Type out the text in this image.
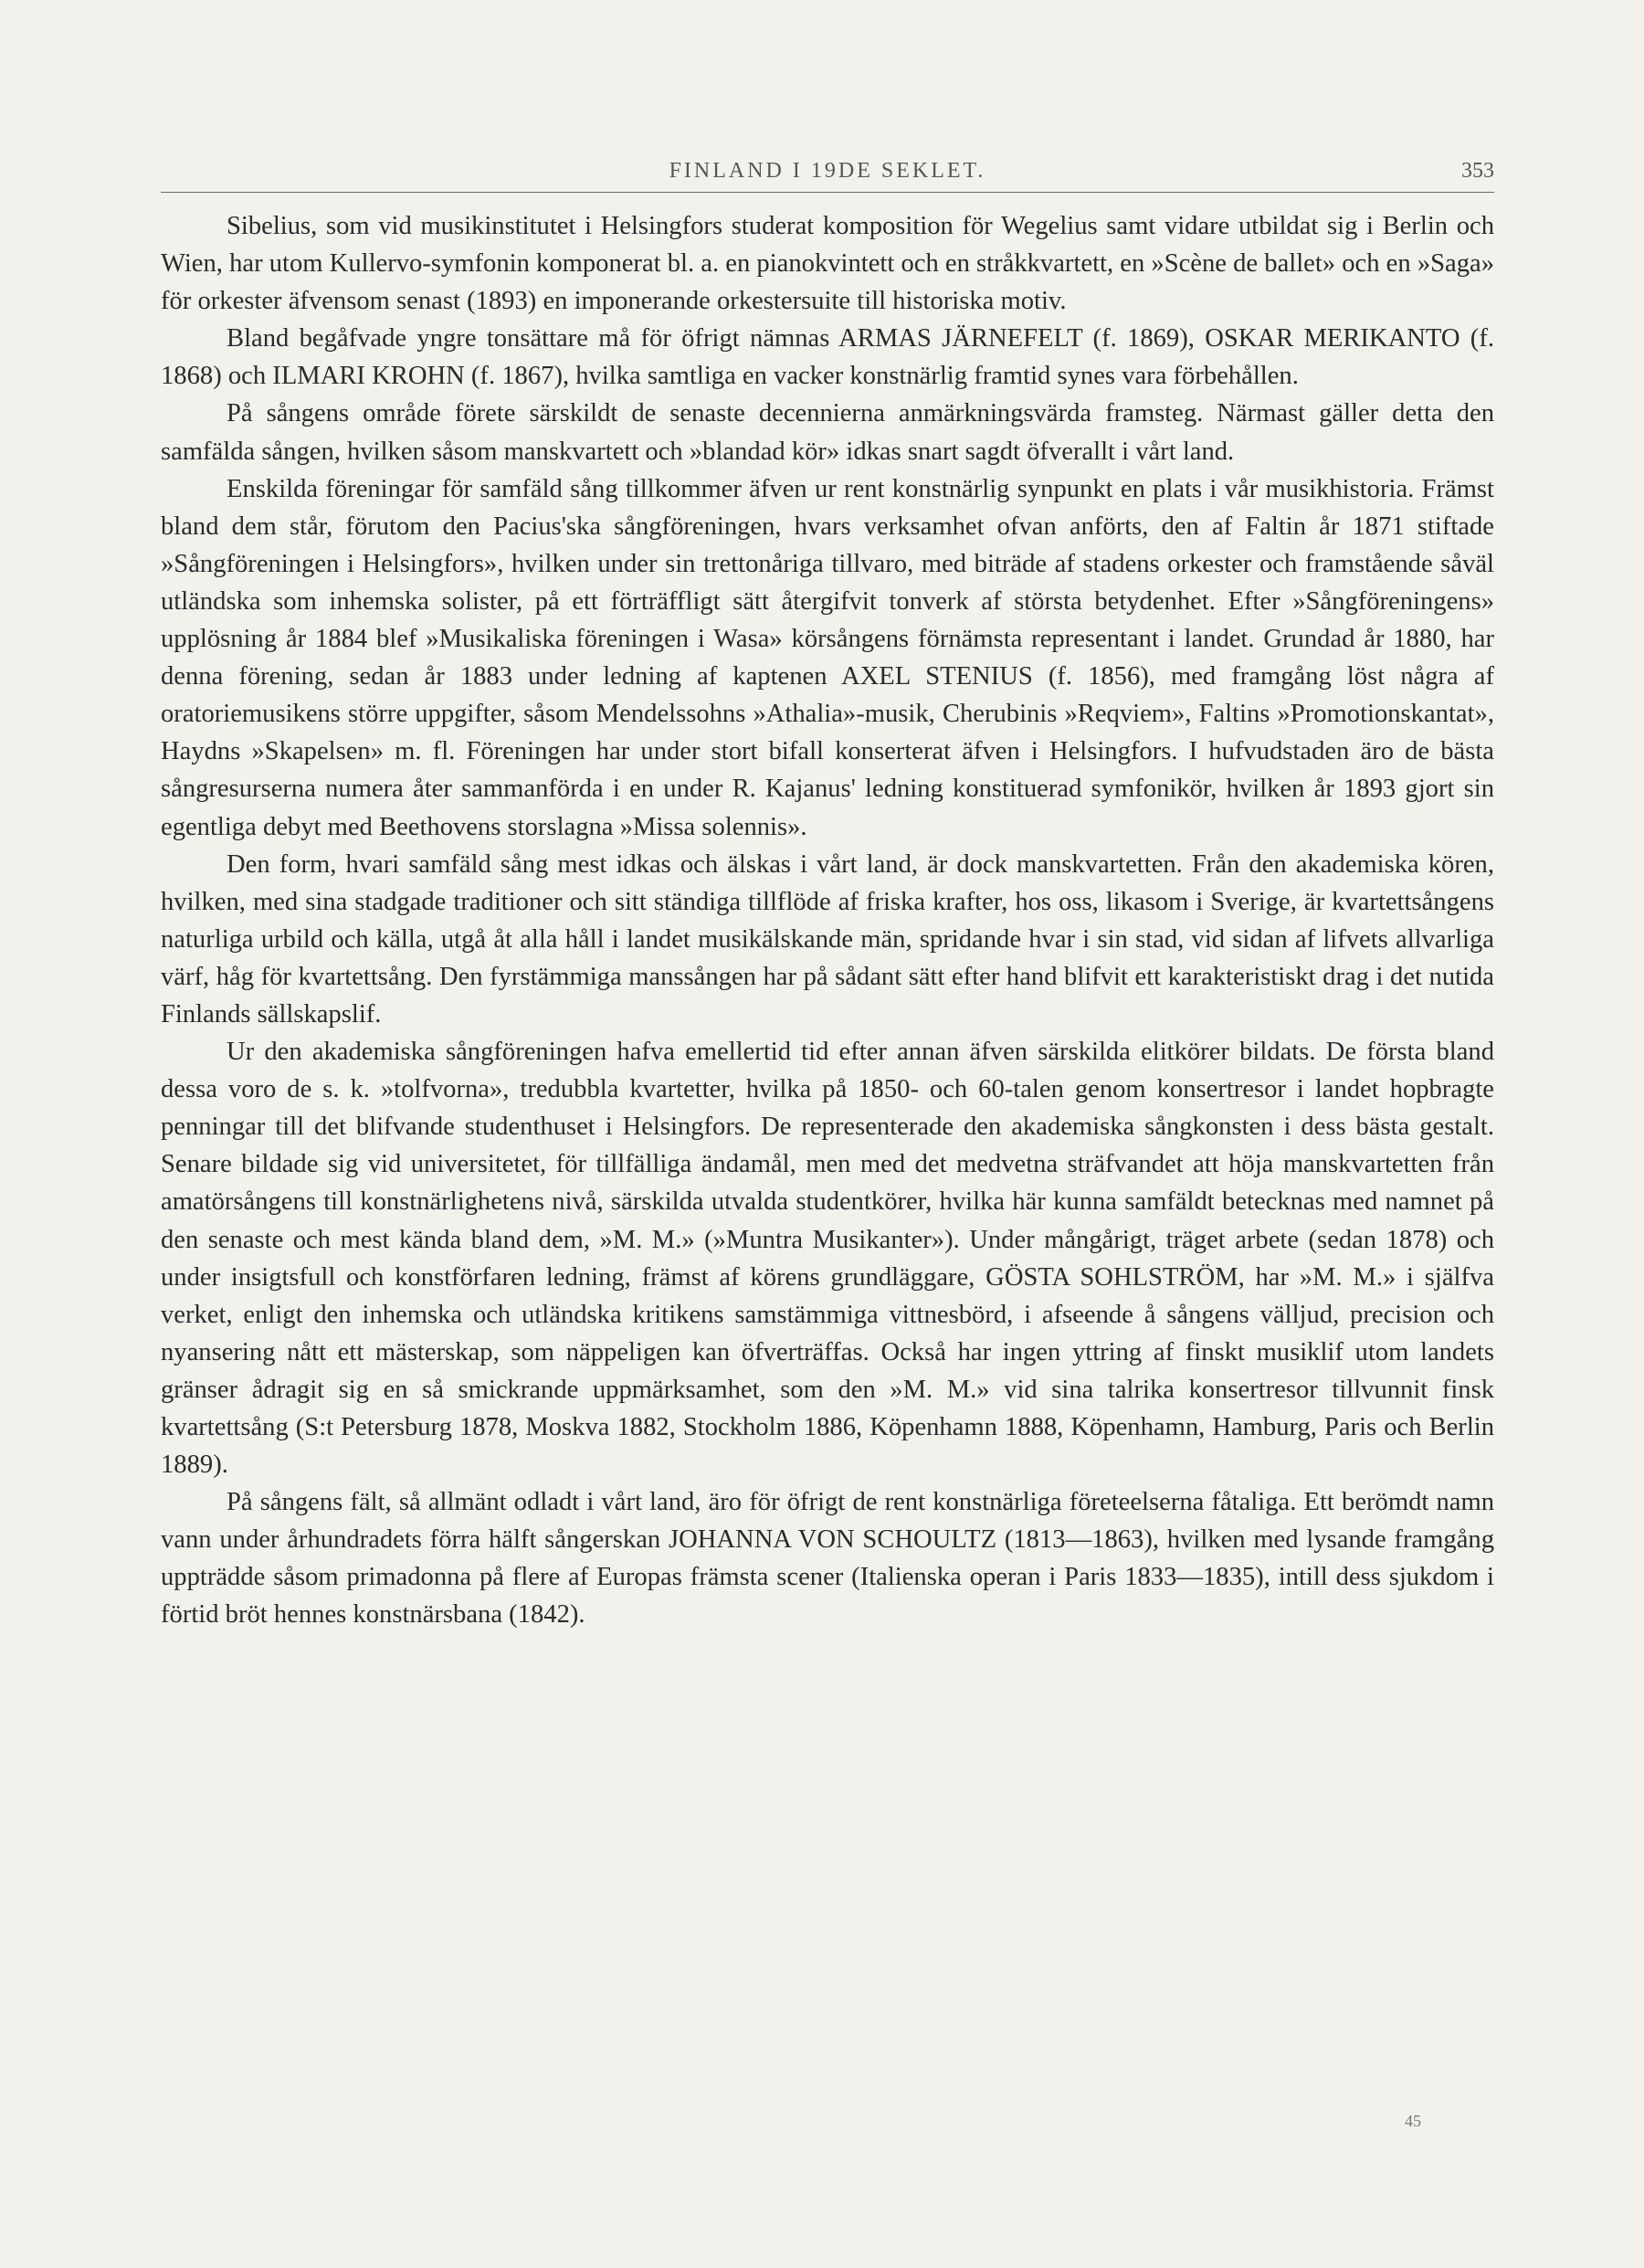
FINLAND I 19DE SEKLET.	353

Sibelius, som vid musikinstitutet i Helsingfors studerat komposition för Wegelius samt vidare utbildat sig i Berlin och Wien, har utom Kullervo-symfonin komponerat bl. a. en pianokvintett och en stråkkvartett, en »Scène de ballet» och en »Saga» för orkester äfvensom senast (1893) en imponerande orkestersuite till historiska motiv.

Bland begåfvade yngre tonsättare må för öfrigt nämnas ARMAS JÄRNEFELT (f. 1869), OSKAR MERIKANTO (f. 1868) och ILMARI KROHN (f. 1867), hvilka samtliga en vacker konstnärlig framtid synes vara förbehållen.

På sångens område förete särskildt de senaste decennierna anmärkningsvärda framsteg. Närmast gäller detta den samfälda sången, hvilken såsom manskvartett och »blandad kör» idkas snart sagdt öfverallt i vårt land.

Enskilda föreningar för samfäld sång tillkommer äfven ur rent konstnärlig synpunkt en plats i vår musikhistoria. Främst bland dem står, förutom den Pacius'ska sångföreningen, hvars verksamhet ofvan anförts, den af Faltin år 1871 stiftade »Sångföreningen i Helsingfors», hvilken under sin trettonåriga tillvaro, med biträde af stadens orkester och framstående såväl utländska som inhemska solister, på ett förträffligt sätt återgifvit tonverk af största betydenhet. Efter »Sångföreningens» upplösning år 1884 blef »Musikaliska föreningen i Wasa» körsångens förnämsta representant i landet. Grundad år 1880, har denna förening, sedan år 1883 under ledning af kaptenen AXEL STENIUS (f. 1856), med framgång löst några af oratoriemusikens större uppgifter, såsom Mendelssohns »Athalia»-musik, Cherubinis »Reqviem», Faltins »Promotionskantat», Haydns »Skapelsen» m. fl. Föreningen har under stort bifall konserterat äfven i Helsingfors. I hufvudstaden äro de bästa sångresurserna numera åter sammanförda i en under R. Kajanus' ledning konstituerad symfonikör, hvilken år 1893 gjort sin egentliga debyt med Beethovens storslagna »Missa solennis».

Den form, hvari samfäld sång mest idkas och älskas i vårt land, är dock manskvartetten. Från den akademiska kören, hvilken, med sina stadgade traditioner och sitt ständiga tillflöde af friska krafter, hos oss, likasom i Sverige, är kvartettsångens naturliga urbild och källa, utgå åt alla håll i landet musikälskande män, spridande hvar i sin stad, vid sidan af lifvets allvarliga värf, håg för kvartettsång. Den fyrstämmiga manssången har på sådant sätt efter hand blifvit ett karakteristiskt drag i det nutida Finlands sällskapslif.

Ur den akademiska sångföreningen hafva emellertid tid efter annan äfven särskilda elitkörer bildats. De första bland dessa voro de s. k. »tolfvorna», tredubbla kvartetter, hvilka på 1850- och 60-talen genom konsertresor i landet hopbragte penningar till det blifvande studenthuset i Helsingfors. De representerade den akademiska sångkonsten i dess bästa gestalt. Senare bildade sig vid universitetet, för tillfälliga ändamål, men med det medvetna sträfvandet att höja manskvartetten från amatörsångens till konstnärlighetens nivå, särskilda utvalda studentkörer, hvilka här kunna samfäldt betecknas med namnet på den senaste och mest kända bland dem, »M. M.» (»Muntra Musikanter»). Under mångårigt, träget arbete (sedan 1878) och under insigtsfull och konstförfaren ledning, främst af körens grundläggare, GÖSTA SOHLSTRÖM, har »M. M.» i själfva verket, enligt den inhemska och utländska kritikens samstämmiga vittnesbörd, i afseende å sångens välljud, precision och nyansering nått ett mästerskap, som näppeligen kan öfverträffas. Också har ingen yttring af finskt musiklif utom landets gränser ådragit sig en så smickrande uppmärksamhet, som den »M. M.» vid sina talrika konsertresor tillvunnit finsk kvartettsång (S:t Petersburg 1878, Moskva 1882, Stockholm 1886, Köpenhamn 1888, Köpenhamn, Hamburg, Paris och Berlin 1889).

På sångens fält, så allmänt odladt i vårt land, äro för öfrigt de rent konstnärliga företeelserna fåtaliga. Ett berömdt namn vann under århundradets förra hälft sångerskan JOHANNA VON SCHOULTZ (1813—1863), hvilken med lysande framgång uppträdde såsom primadonna på flere af Europas främsta scener (Italienska operan i Paris 1833—1835), intill dess sjukdom i förtid bröt hennes konstnärsbana (1842).

45
